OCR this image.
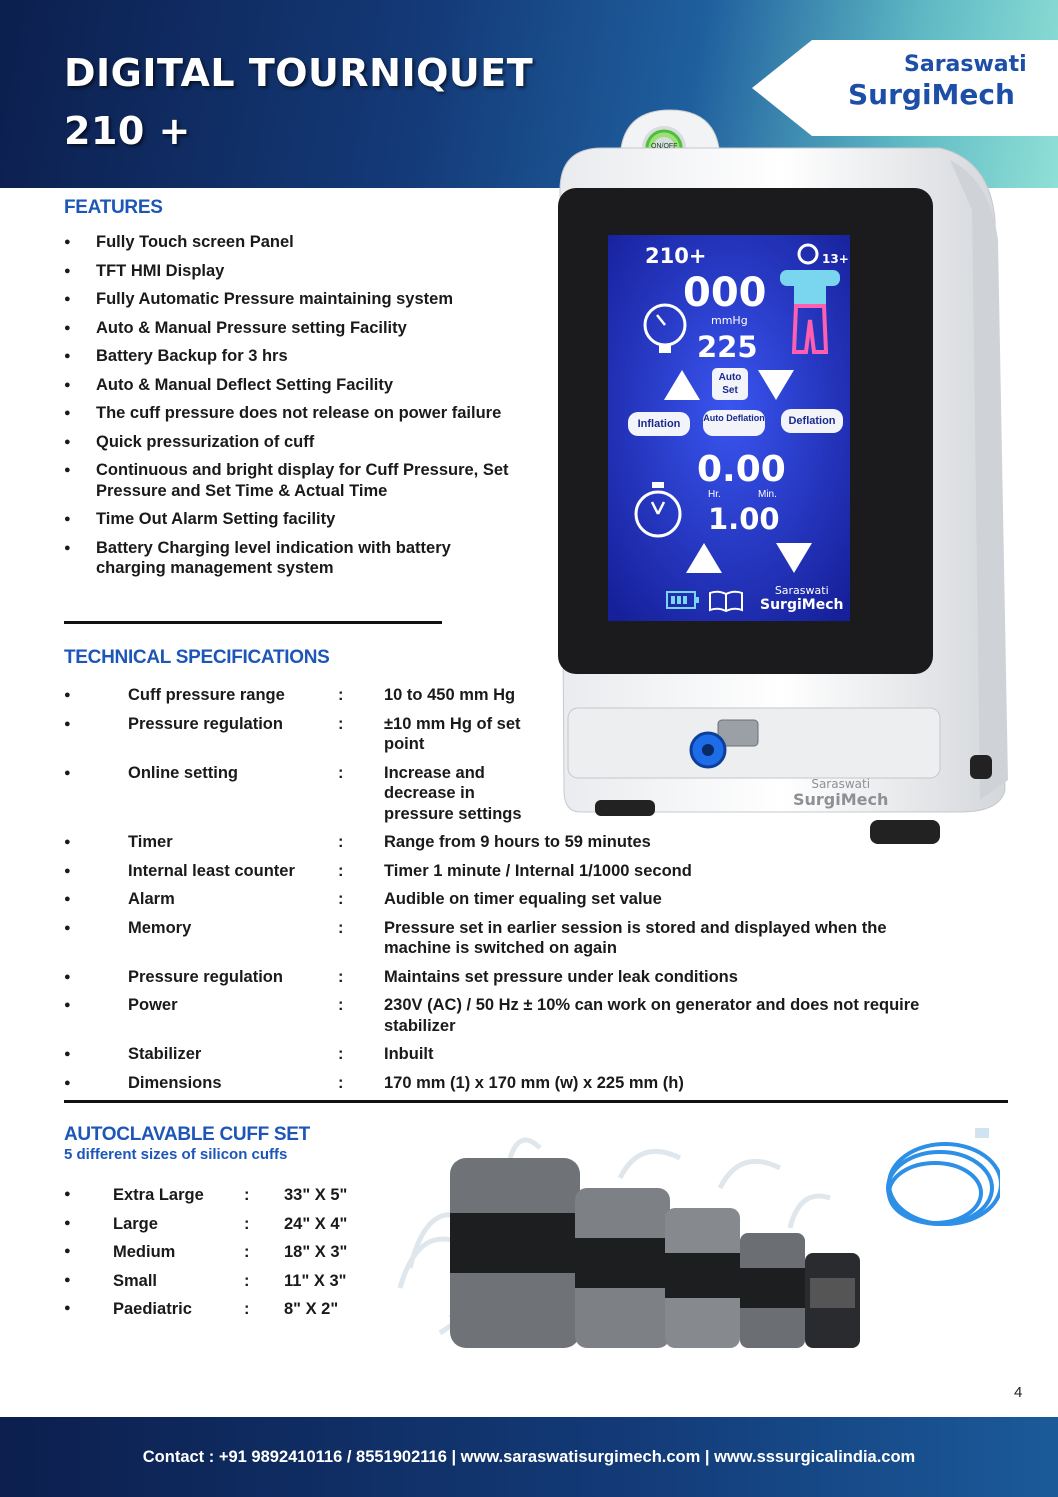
DIGITAL TOURNIQUET
210 +
Saraswati
SurgiMech
FEATURES
● Fully Touch screen Panel
● TFT HMI Display
● Fully Automatic Pressure maintaining system
● Auto & Manual Pressure setting Facility
● Battery Backup for 3 hrs
● Auto & Manual Deflect Setting Facility
● The cuff pressure does not release on power failure
● Quick pressurization of cuff
● Continuous and bright display for Cuff Pressure, Set Pressure and Set Time & Actual Time
● Time Out Alarm Setting facility
● Battery Charging level indication with battery charging management system
TECHNICAL SPECIFICATIONS
●	Cuff pressure range	: 10 to 450 mm Hg
●	Pressure regulation	: ±10 mm Hg of set point
●	Online setting	: Increase and decrease in pressure settings
●	Timer	: Range from 9 hours to 59 minutes
●	Internal least counter	: Timer 1 minute / Internal 1/1000 second
●	Alarm	: Audible on timer equaling set value
●	Memory	: Pressure set in earlier session is stored and displayed when the machine is switched on again
●	Pressure regulation	: Maintains set pressure under leak conditions
●	Power	: 230V (AC) / 50 Hz ± 10% can work on generator and does not require stabilizer
●	Stabilizer	: Inbuilt
●	Dimensions	: 170 mm (1) x 170 mm (w) x 225 mm (h)
AUTOCLAVABLE CUFF SET
5 different sizes of silicon cuffs
●	Extra Large : 33" X 5"
●	Large	: 24" X 4"
●	Medium	: 18" X 3"
●	Small	: 11" X 3"
●	Paediatric	: 8" X 2"
ON/OFF
210+	13+
000
mmHg
225
Auto Set
Inflation	Auto Deflation	Deflation
0.00
Hr.	Min.
1.00
Saraswati
SurgiMech
Saraswati
SurgiMech
4
Contact : +91 9892410116 / 8551902116 | www.saraswatisurgimech.com | www.sssurgicalindia.com
